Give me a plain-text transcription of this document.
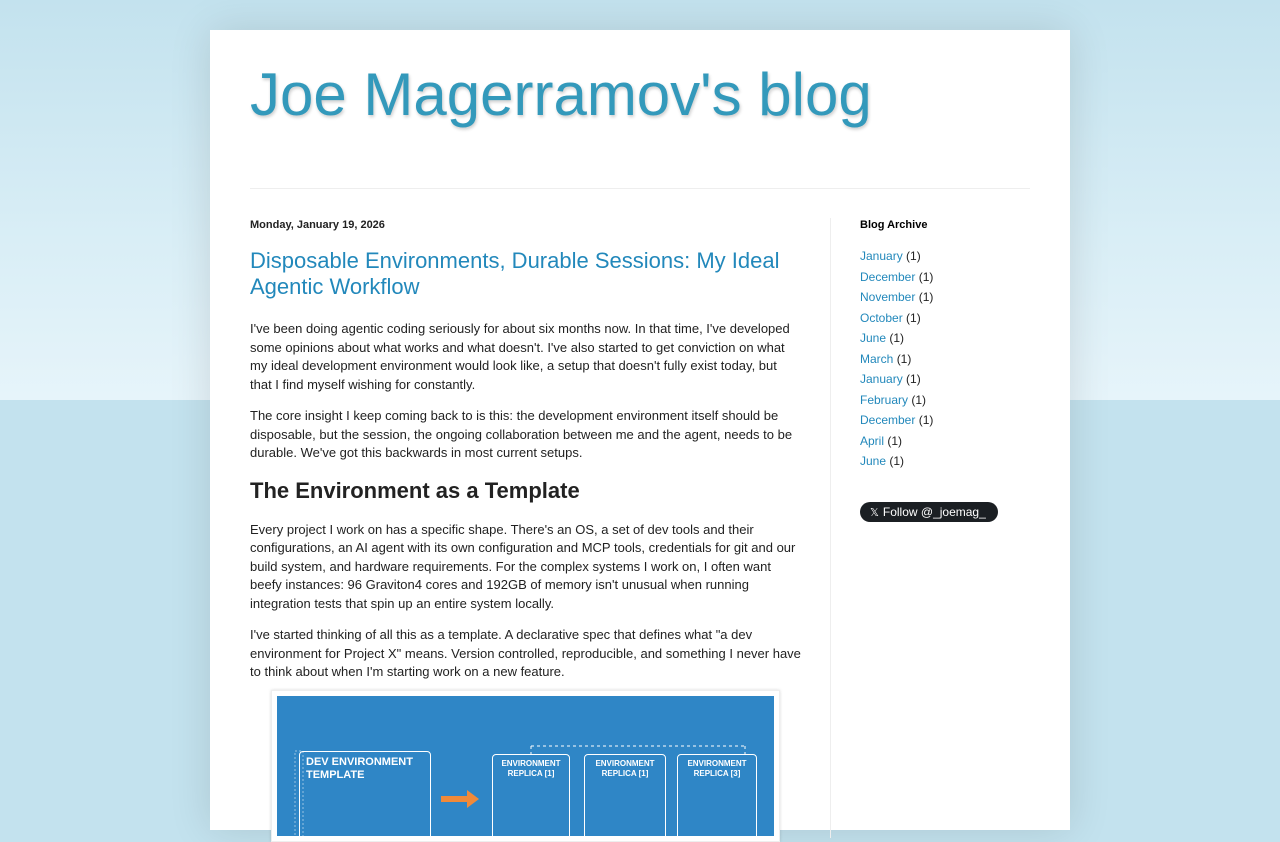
Joe Magerramov's blog
Monday, January 19, 2026
Disposable Environments, Durable Sessions: My Ideal Agentic Workflow

I've been doing agentic coding seriously for about six months now. In that time, I've developed some opinions about what works and what doesn't. I've also started to get conviction on what my ideal development environment would look like, a setup that doesn't fully exist today, but that I find myself wishing for constantly.

The core insight I keep coming back to is this: the development environment itself should be disposable, but the session, the ongoing collaboration between me and the agent, needs to be durable. We've got this backwards in most current setups.

The Environment as a Template

Every project I work on has a specific shape. There's an OS, a set of dev tools and their configurations, an AI agent with its own configuration and MCP tools, credentials for git and our build system, and hardware requirements. For the complex systems I work on, I often want beefy instances: 96 Graviton4 cores and 192GB of memory isn't unusual when running integration tests that spin up an entire system locally.

I've started thinking of all this as a template. A declarative spec that defines what "a dev environment for Project X" means. Version controlled, reproducible, and something I never have to think about when I'm starting work on a new feature.

DEV ENVIRONMENT TEMPLATE
ENVIRONMENT REPLICA [1]
ENVIRONMENT REPLICA [1]
ENVIRONMENT REPLICA [3]
Blog Archive
January (1)
December (1)
November (1)
October (1)
June (1)
March (1)
January (1)
February (1)
December (1)
April (1)
June (1)
𝕏 Follow @_joemag_
